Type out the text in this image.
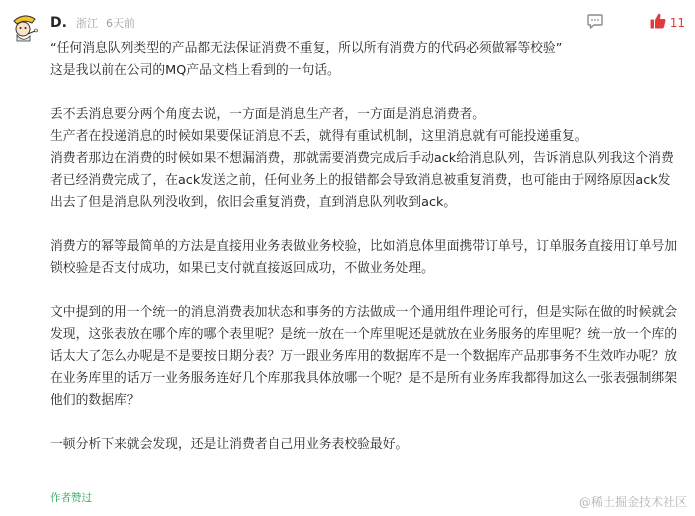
D. 浙江 6天前	11

“任何消息队列类型的产品都无法保证消费不重复，所以所有消费方的代码必须做幂等校验”
这是我以前在公司的MQ产品文档上看到的一句话。

丢不丢消息要分两个角度去说，一方面是消息生产者，一方面是消息消费者。
生产者在投递消息的时候如果要保证消息不丢，就得有重试机制，这里消息就有可能投递重复。
消费者那边在消费的时候如果不想漏消费，那就需要消费完成后手动ack给消息队列，告诉消息队列我这个消费者已经消费完成了，在ack发送之前，任何业务上的报错都会导致消息被重复消费，也可能由于网络原因ack发出去了但是消息队列没收到，依旧会重复消费，直到消息队列收到ack。

消费方的幂等最简单的方法是直接用业务表做业务校验，比如消息体里面携带订单号，订单服务直接用订单号加锁校验是否支付成功，如果已支付就直接返回成功，不做业务处理。

文中提到的用一个统一的消息消费表加状态和事务的方法做成一个通用组件理论可行，但是实际在做的时候就会发现，这张表放在哪个库的哪个表里呢？是统一放在一个库里呢还是就放在业务服务的库里呢？统一放一个库的话太大了怎么办呢是不是要按日期分表？万一跟业务库用的数据库不是一个数据库产品那事务不生效咋办呢？放在业务库里的话万一业务服务连好几个库那我具体放哪一个呢？是不是所有业务库我都得加这么一张表强制绑架他们的数据库？

一顿分析下来就会发现，还是让消费者自己用业务表校验最好。

作者赞过	@稀土掘金技术社区
